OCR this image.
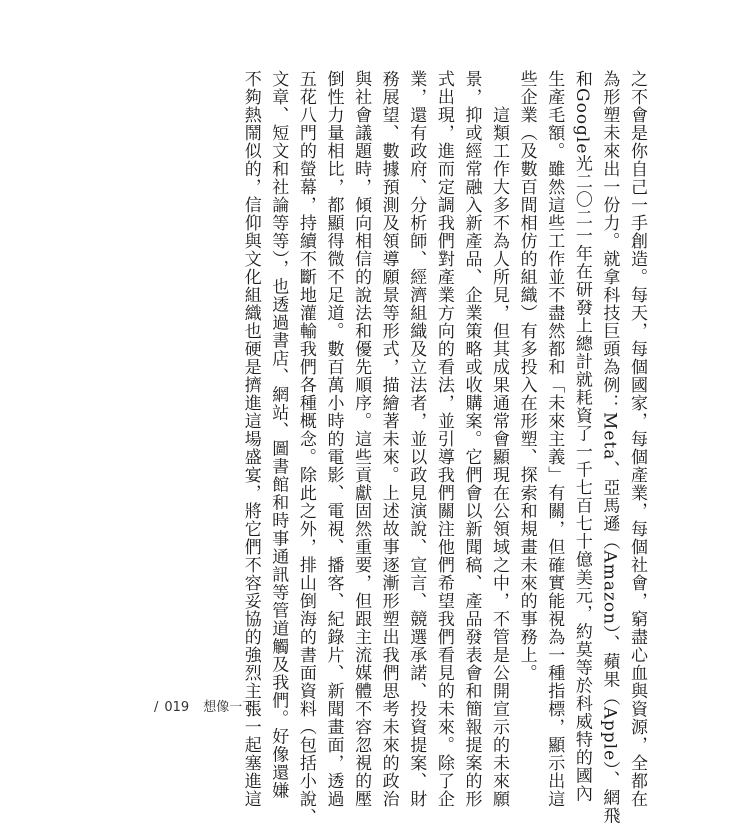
之不會是你自己一手創造。每天，每個國家，每個產業，每個社會，窮盡心血與資源，全都在
為形塑未來出一份力。就拿科技巨頭為例：Meta、亞馬遜（Amazon）、蘋果（Apple）、網飛
和Google光二〇二一年在研發上總計就耗資了一千七百七十億美元，約莫等於科威特的國內
生產毛額。雖然這些工作並不盡然都和「未來主義」有關，但確實能視為一種指標，顯示出這
些企業（及數百間相仿的組織）有多投入在形塑、探索和規畫未來的事務上。
這類工作大多不為人所見，但其成果通常會顯現在公領域之中，不管是公開宣示的未來願
景，抑或經常融入新產品、企業策略或收購案。它們會以新聞稿、產品發表會和簡報提案的形
式出現，進而定調我們對產業方向的看法，並引導我們關注他們希望我們看見的未來。除了企
業，還有政府、分析師、經濟組織及立法者，並以政見演說、宣言、競選承諾、投資提案、財
務展望、數據預測及領導願景等形式，描繪著未來。上述故事逐漸形塑出我們思考未來的政治
與社會議題時，傾向相信的說法和優先順序。這些貢獻固然重要，但跟主流媒體不容忽視的壓
倒性力量相比，都顯得微不足道。數百萬小時的電影、電視、播客、紀錄片、新聞畫面，透過
五花八門的螢幕，持續不斷地灌輸我們各種概念。除此之外，排山倒海的書面資料（包括小說、
文章、短文和社論等等），也透過書店、網站、圖書館和時事通訊等管道觸及我們。好像還嫌
不夠熱鬧似的，信仰與文化組織也硬是擠進這場盛宴，將它們不容妥協的強烈主張一起塞進這
/ 019 想像一下
